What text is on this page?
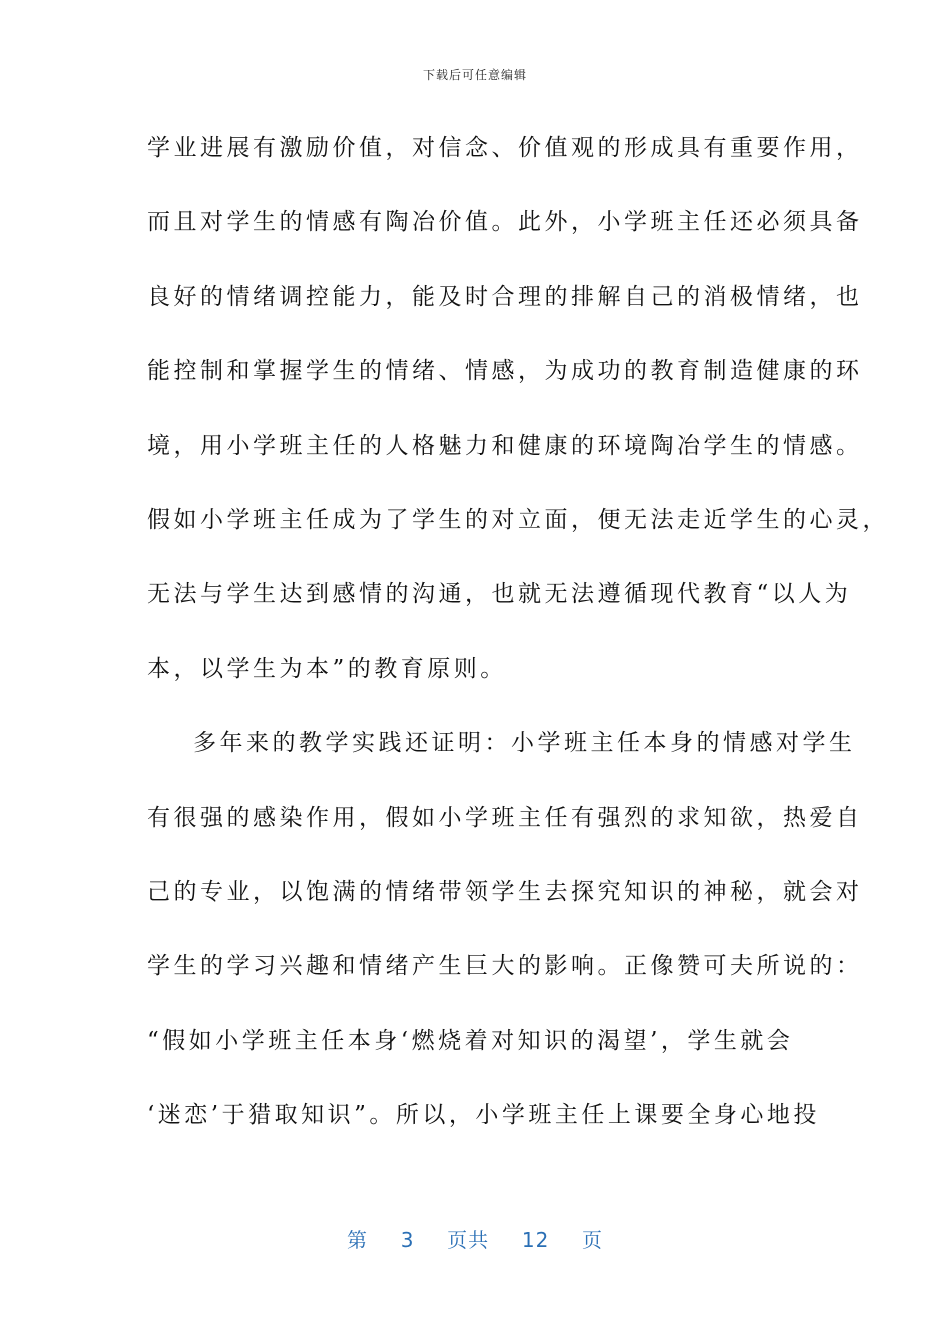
下载后可任意编辑
学业进展有激励价值，对信念、价值观的形成具有重要作用，
而且对学生的情感有陶冶价值。此外，小学班主任还必须具备
良好的情绪调控能力，能及时合理的排解自己的消极情绪，也
能控制和掌握学生的情绪、情感，为成功的教育制造健康的环
境，用小学班主任的人格魅力和健康的环境陶冶学生的情感。
假如小学班主任成为了学生的对立面，便无法走近学生的心灵，
无法与学生达到感情的沟通，也就无法遵循现代教育“以人为
本，以学生为本”的教育原则。
多年来的教学实践还证明：小学班主任本身的情感对学生
有很强的感染作用，假如小学班主任有强烈的求知欲，热爱自
己的专业，以饱满的情绪带领学生去探究知识的神秘，就会对
学生的学习兴趣和情绪产生巨大的影响。正像赞可夫所说的：
“假如小学班主任本身‘燃烧着对知识的渴望’，学生就会
‘迷恋’于猎取知识”。所以，小学班主任上课要全身心地投
第 3 页共 12 页
